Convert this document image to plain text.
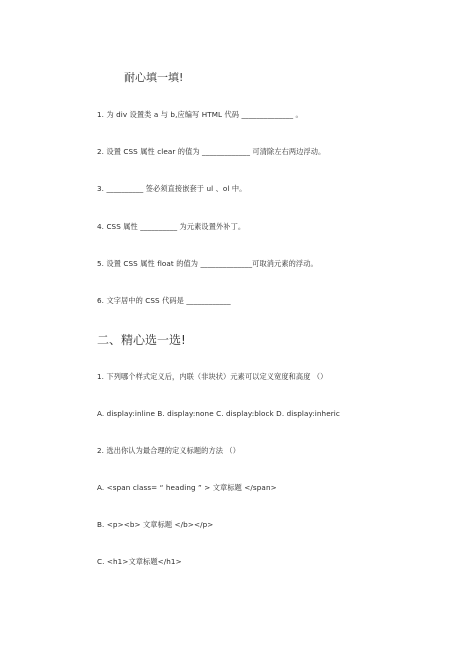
耐心填一填!
1. 为 div 设置类 a 与 b,应编写 HTML 代码 ______________ 。
2. 设置 CSS 属性 clear 的值为 _____________ 可清除左右两边浮动。
3. __________ 签必须直接嵌套于 ul 、ol 中。
4. CSS 属性 __________ 为元素设置外补丁。
5. 设置 CSS 属性 float 的值为 ______________可取消元素的浮动。
6. 文字居中的 CSS 代码是 ____________
二、精心选一选!
1. 下列哪个样式定义后，内联（非块状）元素可以定义宽度和高度 （）
A. display:inline B. display:none C. display:block D. display:inheric
2. 选出你认为最合理的定义标题的方法 （）
A. <span class= “ heading ” > 文章标题 </span>
B. <p><b> 文章标题 </b></p>
C. <h1>文章标题</h1>
